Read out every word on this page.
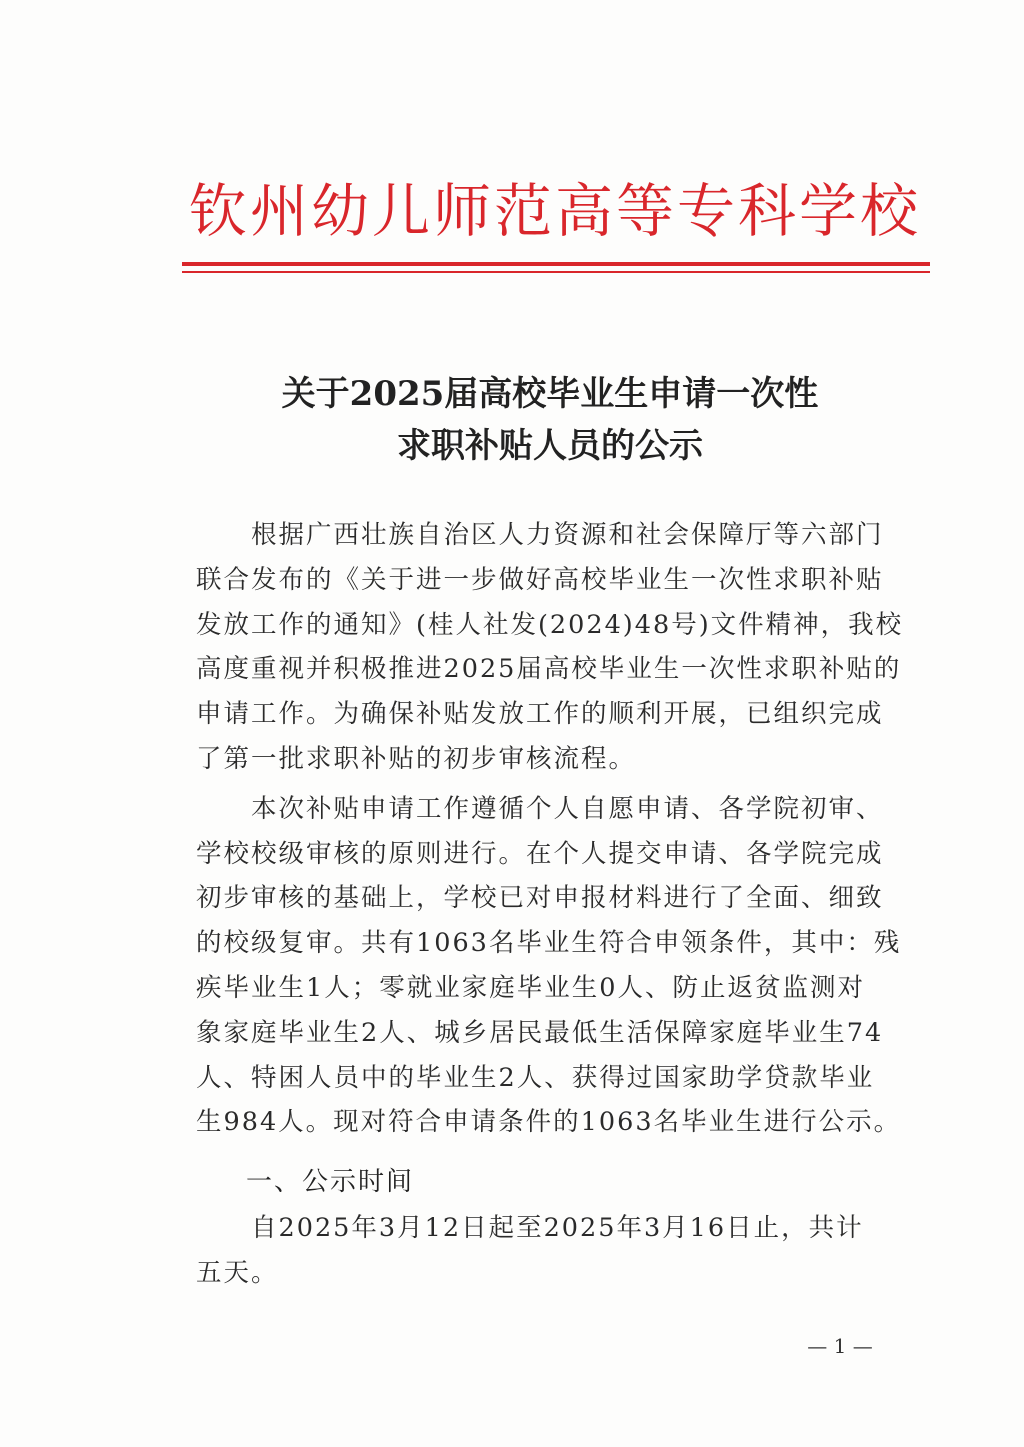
钦州幼儿师范高等专科学校
关于2025届高校毕业生申请一次性
求职补贴人员的公示
　　根据广西壮族自治区人力资源和社会保障厅等六部门
联合发布的《关于进一步做好高校毕业生一次性求职补贴
发放工作的通知》(桂人社发(2024)48号)文件精神，我校
高度重视并积极推进2025届高校毕业生一次性求职补贴的
申请工作。为确保补贴发放工作的顺利开展，已组织完成
了第一批求职补贴的初步审核流程。
　　本次补贴申请工作遵循个人自愿申请、各学院初审、
学校校级审核的原则进行。在个人提交申请、各学院完成
初步审核的基础上，学校已对申报材料进行了全面、细致
的校级复审。共有1063名毕业生符合申领条件，其中：残
疾毕业生1人；零就业家庭毕业生0人、防止返贫监测对
象家庭毕业生2人、城乡居民最低生活保障家庭毕业生74
人、特困人员中的毕业生2人、获得过国家助学贷款毕业
生984人。现对符合申请条件的1063名毕业生进行公示。
一、公示时间
　　自2025年3月12日起至2025年3月16日止，共计
五天。
— 1 —
